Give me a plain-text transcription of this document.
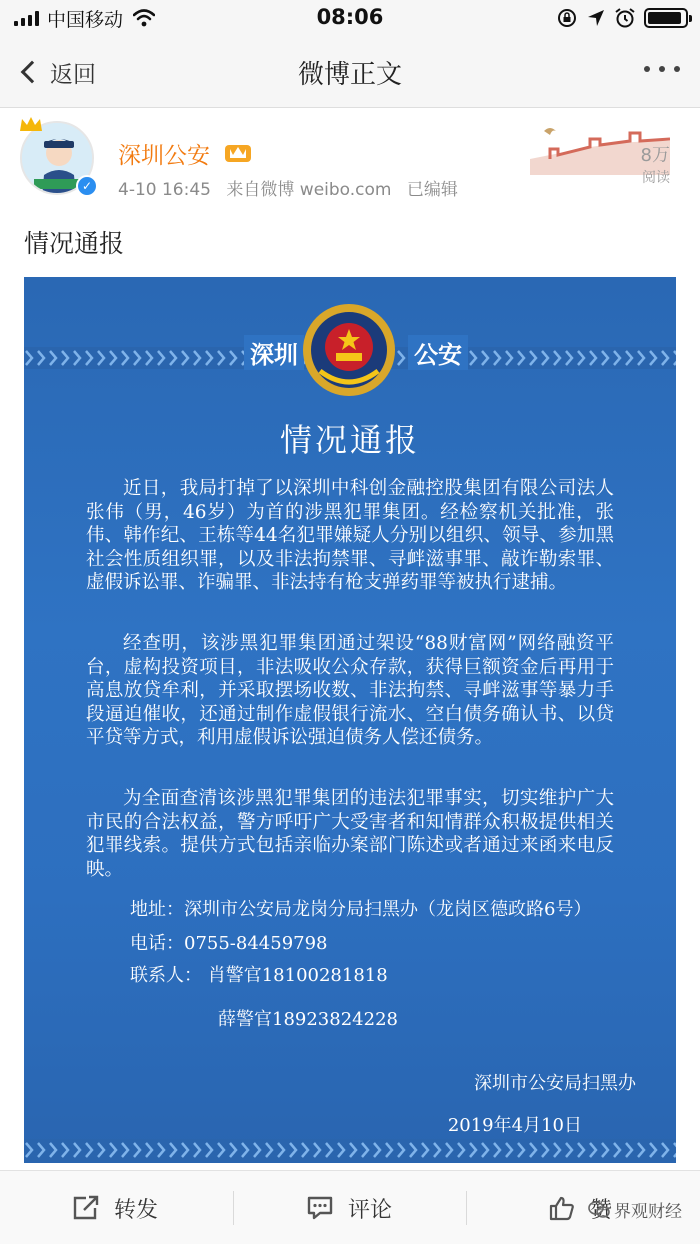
中国移动	08:06
返回	微博正文
✓
深圳公安
4-10 16:45 来自微博 weibo.com 已编辑
8万
阅读
情况通报
深圳	公安
情况通报

近日，我局打掉了以深圳中科创金融控股集团有限公司法人张伟（男，46岁）为首的涉黑犯罪集团。经检察机关批准，张伟、韩作纪、王栋等44名犯罪嫌疑人分别以组织、领导、参加黑社会性质组织罪，以及非法拘禁罪、寻衅滋事罪、敲诈勒索罪、虚假诉讼罪、诈骗罪、非法持有枪支弹药罪等被执行逮捕。

经查明，该涉黑犯罪集团通过架设“88财富网”网络融资平台，虚构投资项目，非法吸收公众存款，获得巨额资金后再用于高息放贷牟利，并采取摆场收数、非法拘禁、寻衅滋事等暴力手段逼迫催收，还通过制作虚假银行流水、空白债务确认书、以贷平贷等方式，利用虚假诉讼强迫债务人偿还债务。

为全面查清该涉黑犯罪集团的违法犯罪事实，切实维护广大市民的合法权益，警方呼吁广大受害者和知情群众积极提供相关犯罪线索。提供方式包括亲临办案部门陈述或者通过来函来电反映。

地址：深圳市公安局龙岗分局扫黑办（龙岗区德政路6号）
电话：0755-84459798
联系人： 肖警官18100281818
薛警官18923824228
深圳市公安局扫黑办
2019年4月10日
转发	评论	赞 界观财经
